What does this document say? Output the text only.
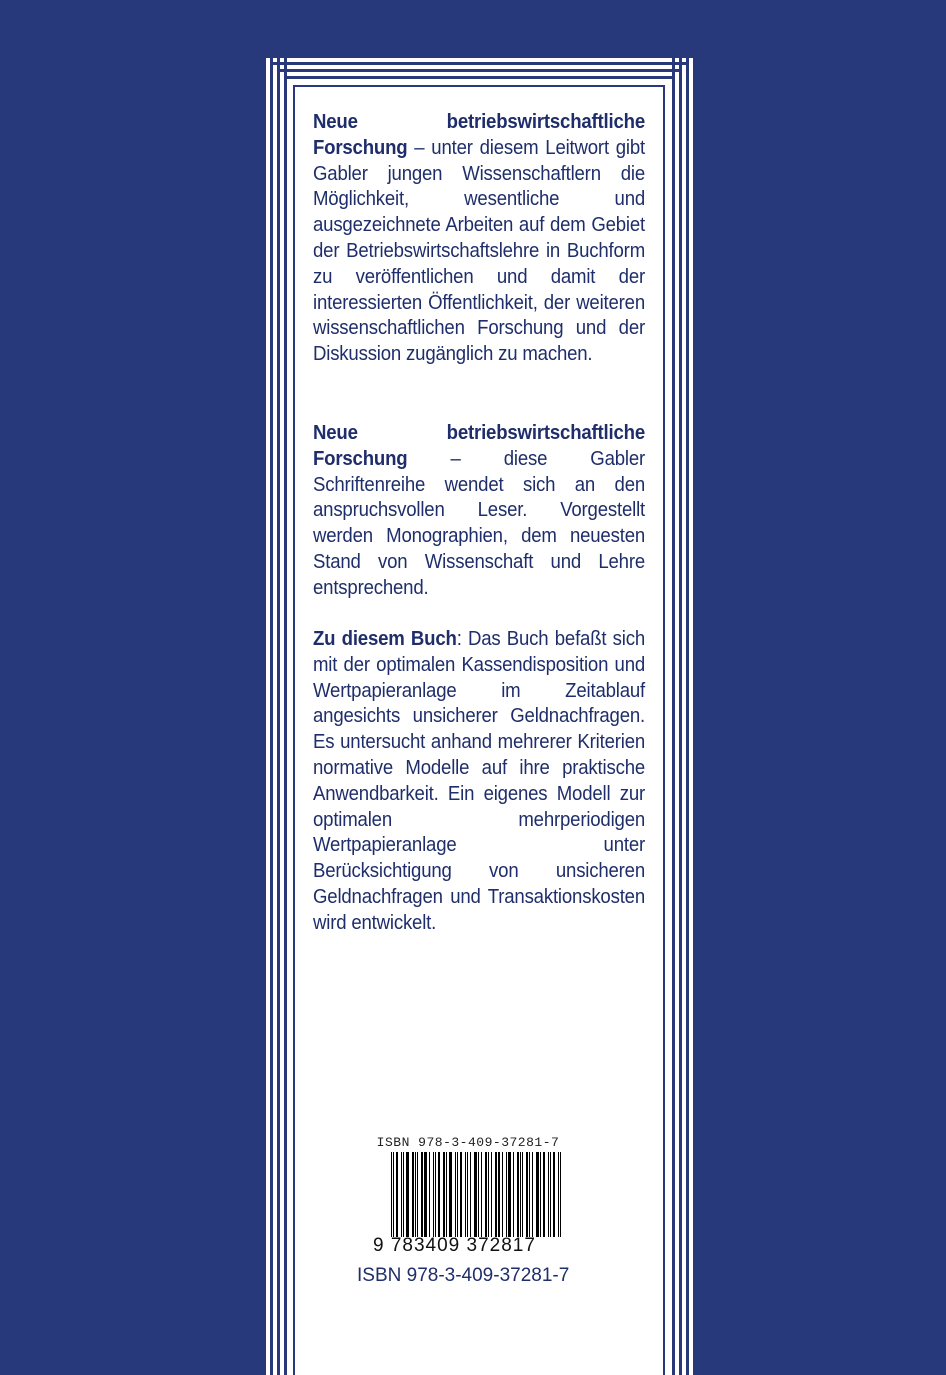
Neue betriebswirtschaftliche Forschung – unter diesem Leitwort gibt Gabler jungen Wissenschaftlern die Möglichkeit, wesentliche und ausgezeichnete Arbeiten auf dem Gebiet der Betriebswirtschaftslehre in Buchform zu veröffentlichen und damit der interessierten Öffentlichkeit, der weiteren wissenschaftlichen Forschung und der Diskussion zugänglich zu machen.
Neue betriebswirtschaftliche Forschung – diese Gabler Schriftenreihe wendet sich an den anspruchsvollen Leser. Vorgestellt werden Monographien, dem neuesten Stand von Wissenschaft und Lehre entsprechend.
Zu diesem Buch: Das Buch befaßt sich mit der optimalen Kassendisposition und Wertpapieranlage im Zeitablauf angesichts unsicherer Geldnachfragen. Es untersucht anhand mehrerer Kriterien normative Modelle auf ihre praktische Anwendbarkeit. Ein eigenes Modell zur optimalen mehrperiodigen Wertpapieranlage unter Berücksichtigung von unsicheren Geldnachfragen und Transaktionskosten wird entwickelt.
ISBN 978-3-409-37281-7
9 783409 372817
ISBN 978-3-409-37281-7
